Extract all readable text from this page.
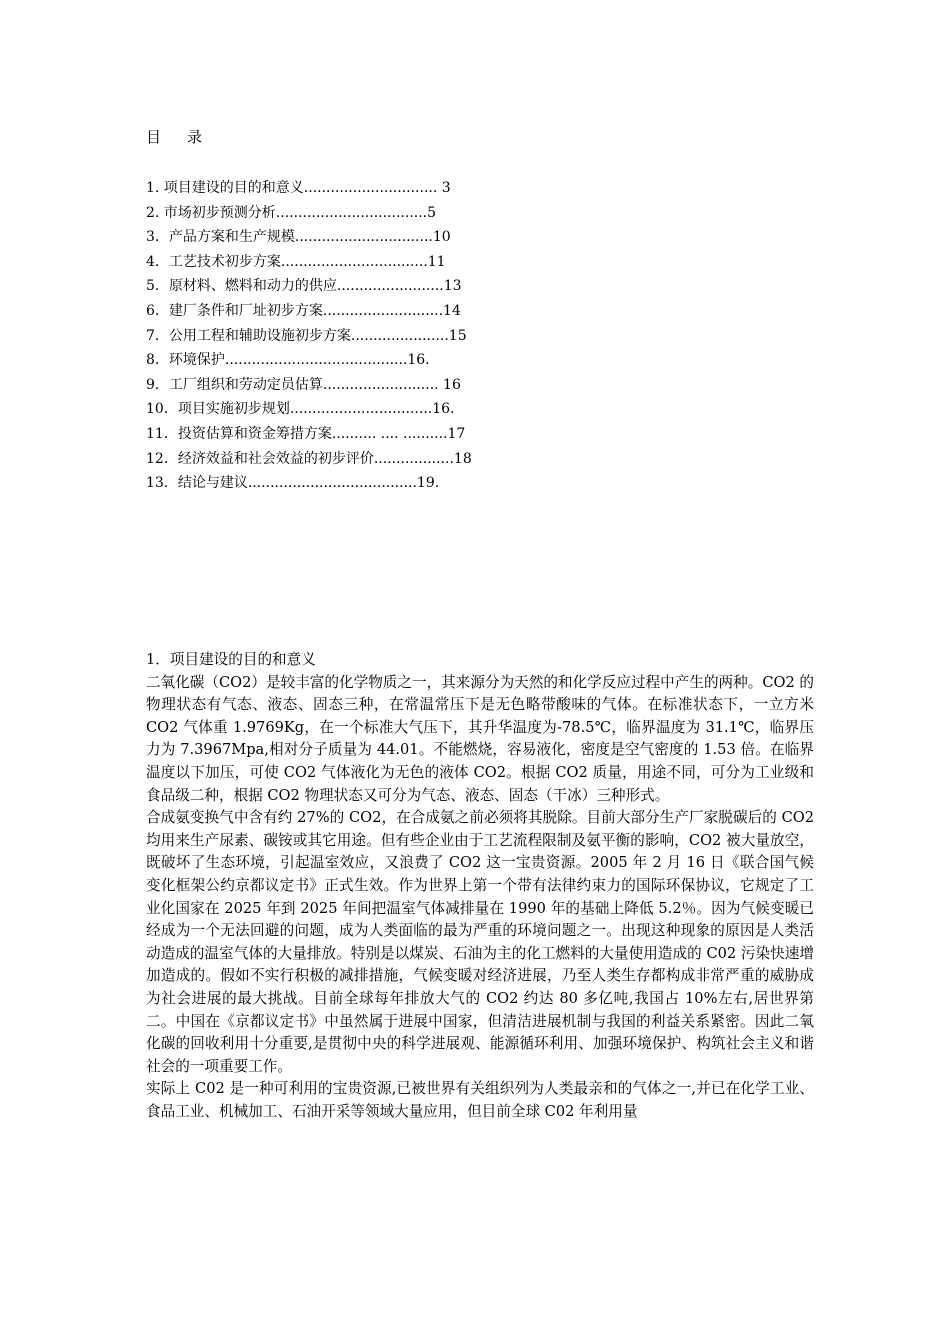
目 录
1. 项目建设的目的和意义.............................. 3
2. 市场初步预测分析..................................5
3．产品方案和生产规模...............................10
4．工艺技术初步方案.................................11
5．原材料、燃料和动力的供应........................13
6．建厂条件和厂址初步方案...........................14
7．公用工程和辅助设施初步方案......................15
8．环境保护.........................................16.
9．工厂组织和劳动定员估算.......................... 16
10．项目实施初步规划................................16.
11．投资估算和资金筹措方案.......... .... ..........17
12．经济效益和社会效益的初步评价..................18
13．结论与建议......................................19.

1．项目建设的目的和意义

二氧化碳（CO2）是较丰富的化学物质之一，其来源分为天然的和化学反应过程中产生的两种。CO2 的物理状态有气态、液态、固态三种，在常温常压下是无色略带酸味的气体。在标准状态下，一立方米 CO2 气体重 1.9769Kg，在一个标准大气压下，其升华温度为-78.5℃，临界温度为 31.1℃，临界压力为 7.3967Mpa,相对分子质量为 44.01。不能燃烧，容易液化，密度是空气密度的 1.53 倍。在临界温度以下加压，可使 CO2 气体液化为无色的液体 CO2。根据 CO2 质量，用途不同，可分为工业级和食品级二种，根据 CO2 物理状态又可分为气态、液态、固态（干冰）三种形式。

合成氨变换气中含有约 27%的 CO2，在合成氨之前必须将其脱除。目前大部分生产厂家脱碳后的 CO2 均用来生产尿素、碳铵或其它用途。但有些企业由于工艺流程限制及氨平衡的影响，CO2 被大量放空，既破坏了生态环境，引起温室效应，又浪费了 CO2 这一宝贵资源。2005 年 2 月 16 日《联合国气候变化框架公约京都议定书》正式生效。作为世界上第一个带有法律约束力的国际环保协议，它规定了工业化国家在 2025 年到 2025 年间把温室气体减排量在 1990 年的基础上降低 5.2％。因为气候变暖已经成为一个无法回避的问题，成为人类面临的最为严重的环境问题之一。出现这种现象的原因是人类活动造成的温室气体的大量排放。特别是以煤炭、石油为主的化工燃料的大量使用造成的 C02 污染快速增加造成的。假如不实行积极的减排措施，气候变暖对经济进展，乃至人类生存都构成非常严重的威胁成为社会进展的最大挑战。目前全球每年排放大气的 CO2 约达 80 多亿吨,我国占 10%左右,居世界第二。中国在《京都议定书》中虽然属于进展中国家，但清洁进展机制与我国的利益关系紧密。因此二氧化碳的回收利用十分重要,是贯彻中央的科学进展观、能源循环利用、加强环境保护、构筑社会主义和谐社会的一项重要工作。

实际上 C02 是一种可利用的宝贵资源,已被世界有关组织列为人类最亲和的气体之一,并已在化学工业、食品工业、机械加工、石油开采等领域大量应用，但目前全球 C02 年利用量
